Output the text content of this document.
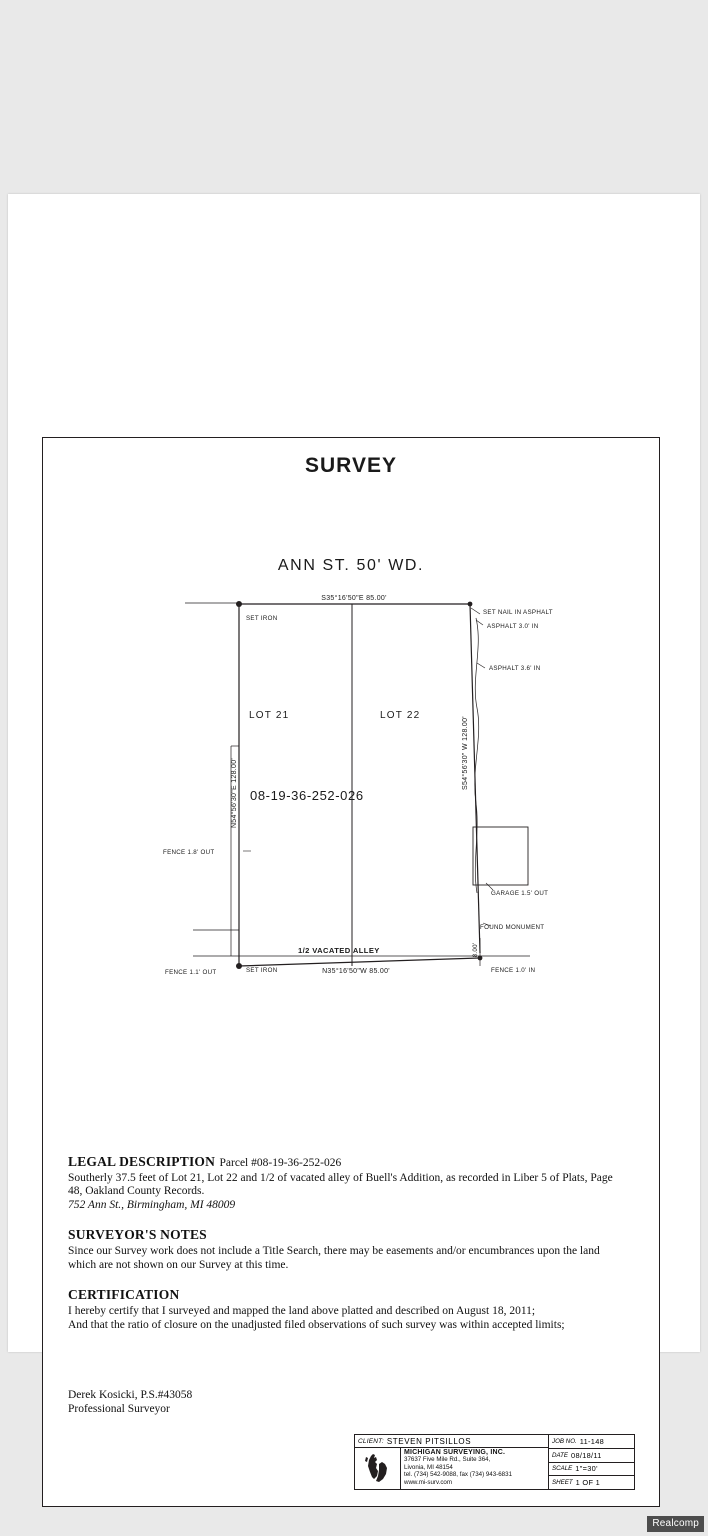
SURVEY
ANN ST. 50' WD.
S35°16'50"E 85.00'
N35°16'50"W 85.00'
N54°56'30"E 128.00'
S54°56'30" W 128.00'
8.00'
LOT 21	LOT 22
08-19-36-252-026
1/2 VACATED ALLEY
SET IRON
SET IRON
SET NAIL IN ASPHALT
ASPHALT 3.0' IN
ASPHALT 3.6' IN
FENCE 1.8' OUT
FENCE 1.1' OUT	FENCE 1.0' IN
GARAGE 1.5' OUT
FOUND MONUMENT
LEGAL DESCRIPTION Parcel #08-19-36-252-026

Southerly 37.5 feet of Lot 21, Lot 22 and 1/2 of vacated alley of Buell's Addition, as recorded in Liber 5 of Plats, Page 48, Oakland County Records.

752 Ann St., Birmingham, MI 48009

SURVEYOR'S NOTES

Since our Survey work does not include a Title Search, there may be easements and/or encumbrances upon the land which are not shown on our Survey at this time.

CERTIFICATION

I hereby certify that I surveyed and mapped the land above platted and described on August 18, 2011;

And that the ratio of closure on the unadjusted filed observations of such survey was within accepted limits;

Derek Kosicki, P.S.#43058
Professional Surveyor
CLIENT: STEVEN PITSILLOS
MICHIGAN SURVEYING, INC.
37637 Five Mile Rd., Suite 364,
Livonia, MI 48154
tel. (734) 542-9088, fax (734) 943-6831
www.mi-surv.com
JOB NO. 11-148
DATE 08/18/11
SCALE 1"=30'
SHEET 1 OF 1
Realcomp
